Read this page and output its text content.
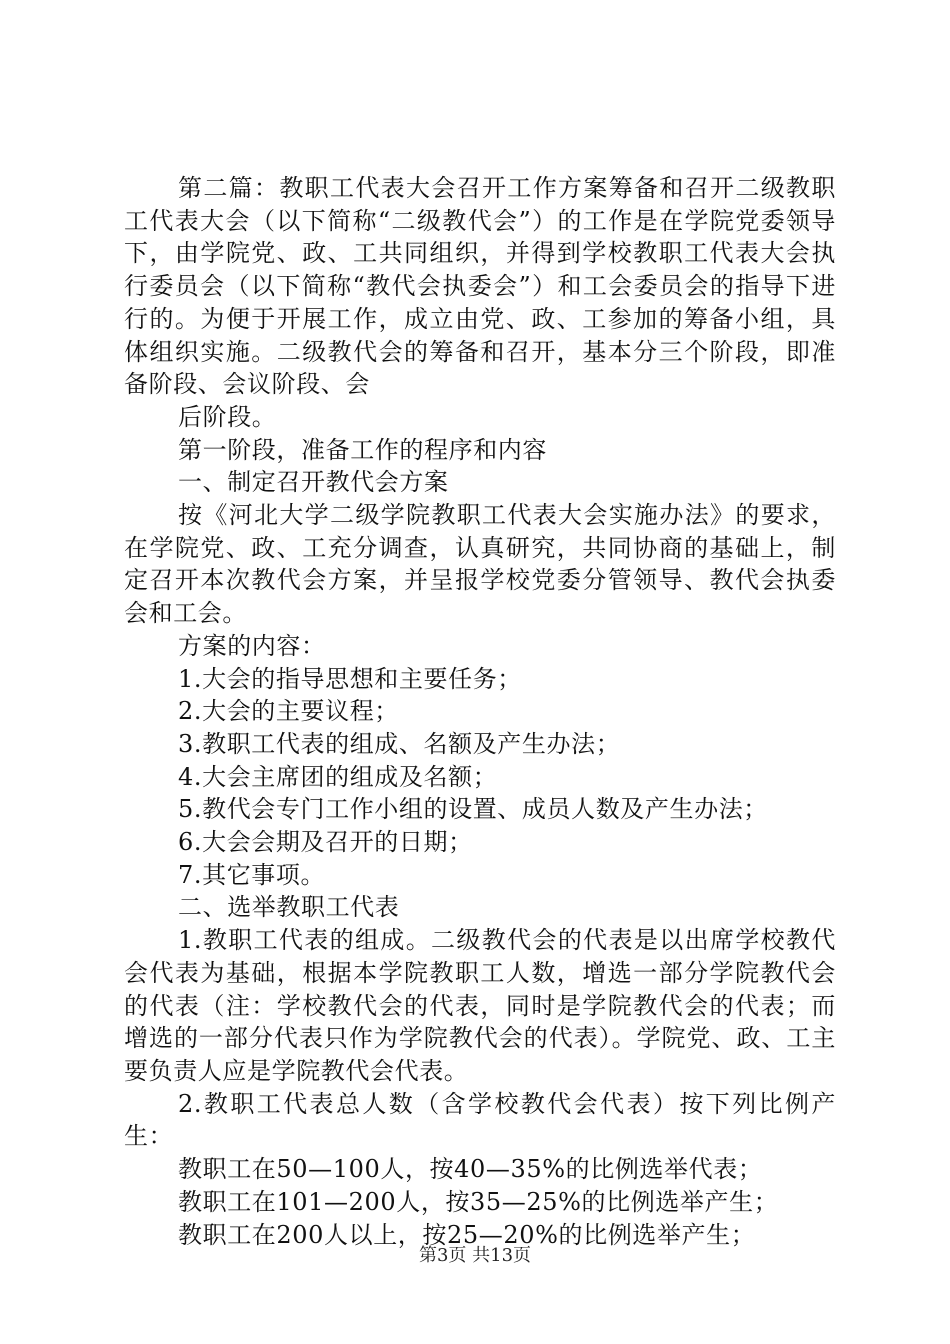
第二篇：教职工代表大会召开工作方案筹备和召开二级教职工代表大会（以下简称“二级教代会”）的工作是在学院党委领导下，由学院党、政、工共同组织，并得到学校教职工代表大会执行委员会（以下简称“教代会执委会”）和工会委员会的指导下进行的。为便于开展工作，成立由党、政、工参加的筹备小组，具体组织实施。二级教代会的筹备和召开，基本分三个阶段，即准备阶段、会议阶段、会

后阶段。

第一阶段，准备工作的程序和内容

一、制定召开教代会方案

按《河北大学二级学院教职工代表大会实施办法》的要求，在学院党、政、工充分调查，认真研究，共同协商的基础上，制定召开本次教代会方案，并呈报学校党委分管领导、教代会执委会和工会。

方案的内容：

1.大会的指导思想和主要任务；

2.大会的主要议程；

3.教职工代表的组成、名额及产生办法；

4.大会主席团的组成及名额；

5.教代会专门工作小组的设置、成员人数及产生办法；

6.大会会期及召开的日期；

7.其它事项。

二、选举教职工代表

1.教职工代表的组成。二级教代会的代表是以出席学校教代会代表为基础，根据本学院教职工人数，增选一部分学院教代会的代表（注：学校教代会的代表，同时是学院教代会的代表；而增选的一部分代表只作为学院教代会的代表）。学院党、政、工主要负责人应是学院教代会代表。

2.教职工代表总人数（含学校教代会代表）按下列比例产生：

教职工在50—100人，按40—35%的比例选举代表；

教职工在101—200人，按35—25%的比例选举产生；

教职工在200人以上，按25—20%的比例选举产生；

第3页 共13页
